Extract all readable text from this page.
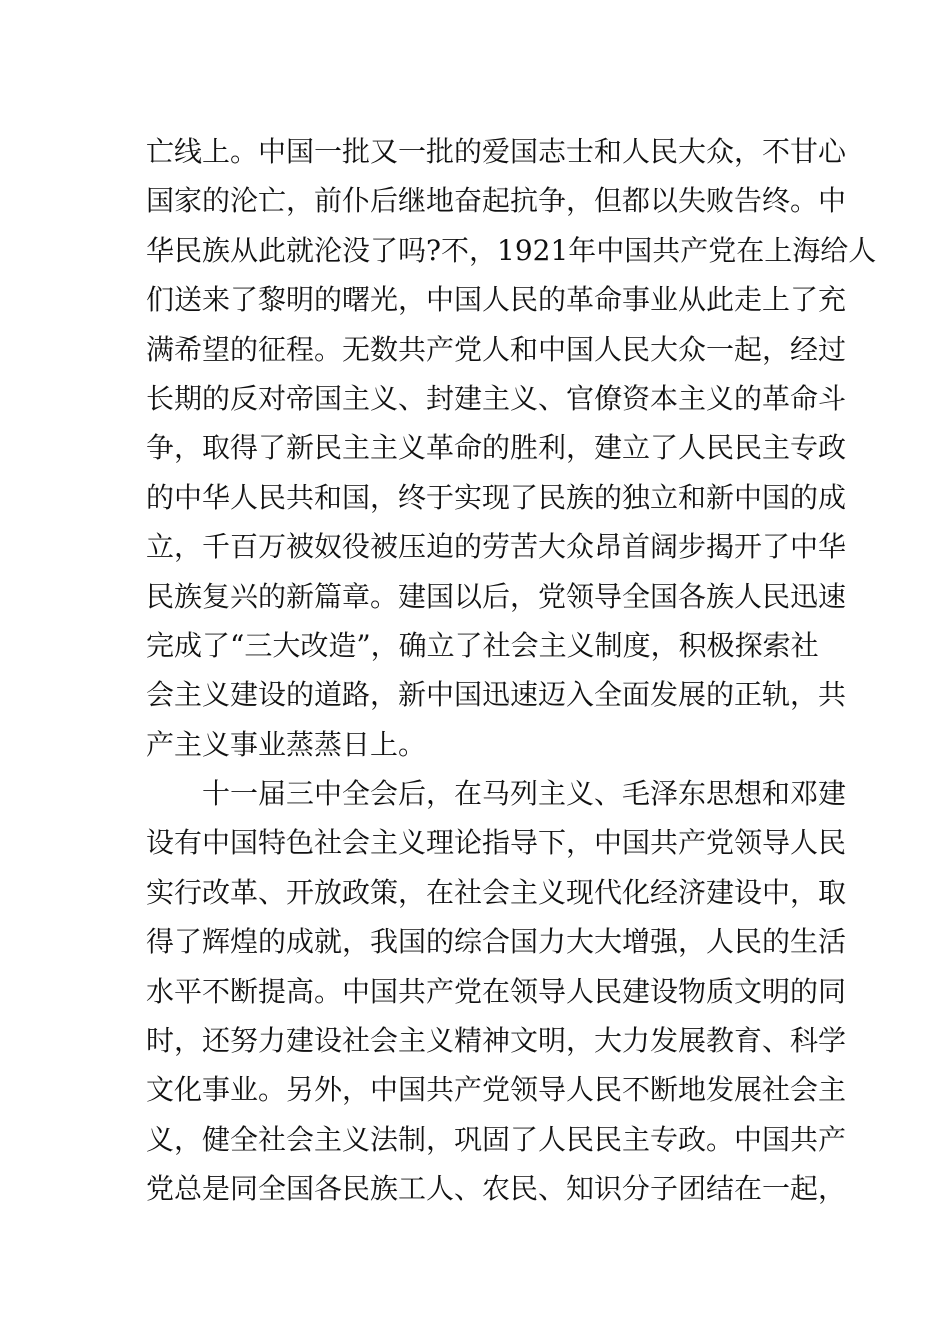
亡线上。中国一批又一批的爱国志士和人民大众，不甘心
国家的沦亡，前仆后继地奋起抗争，但都以失败告终。中
华民族从此就沦没了吗?不，1921年中国共产党在上海给人
们送来了黎明的曙光，中国人民的革命事业从此走上了充
满希望的征程。无数共产党人和中国人民大众一起，经过
长期的反对帝国主义、封建主义、官僚资本主义的革命斗
争，取得了新民主主义革命的胜利，建立了人民民主专政
的中华人民共和国，终于实现了民族的独立和新中国的成
立，千百万被奴役被压迫的劳苦大众昂首阔步揭开了中华
民族复兴的新篇章。建国以后，党领导全国各族人民迅速
完成了“三大改造”，确立了社会主义制度，积极探索社
会主义建设的道路，新中国迅速迈入全面发展的正轨，共
产主义事业蒸蒸日上。
十一届三中全会后，在马列主义、毛泽东思想和邓建
设有中国特色社会主义理论指导下，中国共产党领导人民
实行改革、开放政策，在社会主义现代化经济建设中，取
得了辉煌的成就，我国的综合国力大大增强，人民的生活
水平不断提高。中国共产党在领导人民建设物质文明的同
时，还努力建设社会主义精神文明，大力发展教育、科学
文化事业。另外，中国共产党领导人民不断地发展社会主
义，健全社会主义法制，巩固了人民民主专政。中国共产
党总是同全国各民族工人、农民、知识分子团结在一起，
